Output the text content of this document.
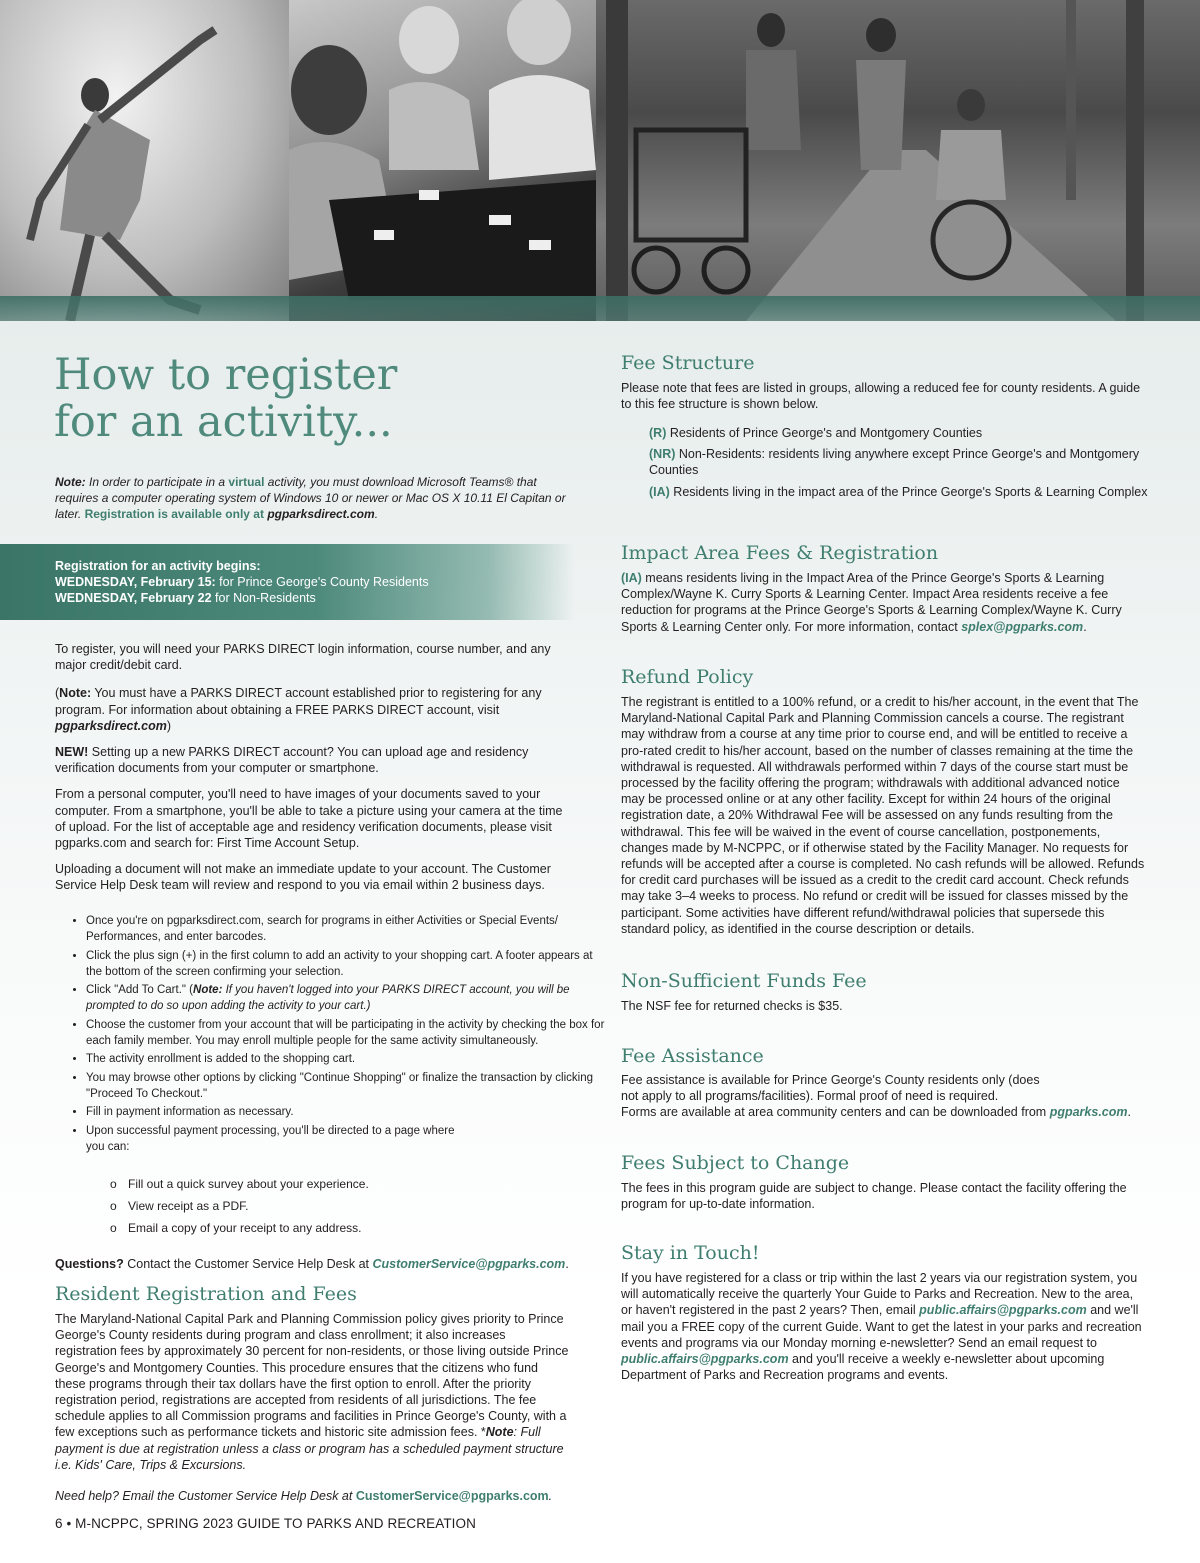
How to register
for an activity...

Note: In order to participate in a virtual activity, you must download Microsoft Teams® that requires a computer operating system of Windows 10 or newer or Mac OS X 10.11 El Capitan or later. Registration is available only at pgparksdirect.com.

Registration for an activity begins:

WEDNESDAY, February 15: for Prince George's County Residents

WEDNESDAY, February 22 for Non-Residents

To register, you will need your PARKS DIRECT login information, course number, and any major credit/debit card.

(Note: You must have a PARKS DIRECT account established prior to registering for any program. For information about obtaining a FREE PARKS DIRECT account, visit pgparksdirect.com)

NEW! Setting up a new PARKS DIRECT account? You can upload age and residency verification documents from your computer or smartphone.

From a personal computer, you'll need to have images of your documents saved to your computer. From a smartphone, you'll be able to take a picture using your camera at the time of upload. For the list of acceptable age and residency verification documents, please visit pgparks.com and search for: First Time Account Setup.

Uploading a document will not make an immediate update to your account. The Customer Service Help Desk team will review and respond to you via email within 2 business days.

• Once you're on pgparksdirect.com, search for programs in either Activities or Special Events/ Performances, and enter barcodes.
• Click the plus sign (+) in the first column to add an activity to your shopping cart. A footer appears at the bottom of the screen confirming your selection.
• Click "Add To Cart." (Note: If you haven't logged into your PARKS DIRECT account, you will be prompted to do so upon adding the activity to your cart.)
• Choose the customer from your account that will be participating in the activity by checking the box for each family member. You may enroll multiple people for the same activity simultaneously.
• The activity enrollment is added to the shopping cart.
• You may browse other options by clicking "Continue Shopping" or finalize the transaction by clicking "Proceed To Checkout."
• Fill in payment information as necessary.
• Upon successful payment processing, you'll be directed to a page where you can:
o Fill out a quick survey about your experience.
o View receipt as a PDF.
o Email a copy of your receipt to any address.

Questions? Contact the Customer Service Help Desk at CustomerService@pgparks.com.

Resident Registration and Fees

The Maryland-National Capital Park and Planning Commission policy gives priority to Prince George's County residents during program and class enrollment; it also increases registration fees by approximately 30 percent for non-residents, or those living outside Prince George's and Montgomery Counties. This procedure ensures that the citizens who fund these programs through their tax dollars have the first option to enroll. After the priority registration period, registrations are accepted from residents of all jurisdictions. The fee schedule applies to all Commission programs and facilities in Prince George's County, with a few exceptions such as performance tickets and historic site admission fees. *Note: Full payment is due at registration unless a class or program has a scheduled payment structure i.e. Kids' Care, Trips & Excursions.

Need help? Email the Customer Service Help Desk at CustomerService@pgparks.com.

6 • M-NCPPC, SPRING 2023 GUIDE TO PARKS AND RECREATION

Fee Structure

Please note that fees are listed in groups, allowing a reduced fee for county residents. A guide to this fee structure is shown below.

(R) Residents of Prince George's and Montgomery Counties

(NR) Non-Residents: residents living anywhere except Prince George's and Montgomery Counties

(IA) Residents living in the impact area of the Prince George's Sports & Learning Complex

Impact Area Fees & Registration

(IA) means residents living in the Impact Area of the Prince George's Sports & Learning Complex/Wayne K. Curry Sports & Learning Center. Impact Area residents receive a fee reduction for programs at the Prince George's Sports & Learning Complex/Wayne K. Curry Sports & Learning Center only. For more information, contact splex@pgparks.com.

Refund Policy

The registrant is entitled to a 100% refund, or a credit to his/her account, in the event that The Maryland-National Capital Park and Planning Commission cancels a course. The registrant may withdraw from a course at any time prior to course end, and will be entitled to receive a pro-rated credit to his/her account, based on the number of classes remaining at the time the withdrawal is requested. All withdrawals performed within 7 days of the course start must be processed by the facility offering the program; withdrawals with additional advanced notice may be processed online or at any other facility. Except for within 24 hours of the original registration date, a 20% Withdrawal Fee will be assessed on any funds resulting from the withdrawal. This fee will be waived in the event of course cancellation, postponements, changes made by M-NCPPC, or if otherwise stated by the Facility Manager. No requests for refunds will be accepted after a course is completed. No cash refunds will be allowed. Refunds for credit card purchases will be issued as a credit to the credit card account. Check refunds may take 3–4 weeks to process. No refund or credit will be issued for classes missed by the participant. Some activities have different refund/withdrawal policies that supersede this standard policy, as identified in the course description or details.

Non-Sufficient Funds Fee

The NSF fee for returned checks is $35.

Fee Assistance

Fee assistance is available for Prince George's County residents only (does
not apply to all programs/facilities). Formal proof of need is required.
Forms are available at area community centers and can be downloaded from pgparks.com.

Fees Subject to Change

The fees in this program guide are subject to change. Please contact the facility offering the program for up-to-date information.

Stay in Touch!

If you have registered for a class or trip within the last 2 years via our registration system, you will automatically receive the quarterly Your Guide to Parks and Recreation. New to the area, or haven't registered in the past 2 years? Then, email public.affairs@pgparks.com and we'll mail you a FREE copy of the current Guide. Want to get the latest in your parks and recreation events and programs via our Monday morning e-newsletter? Send an email request to public.affairs@pgparks.com and you'll receive a weekly e-newsletter about upcoming Department of Parks and Recreation programs and events.
